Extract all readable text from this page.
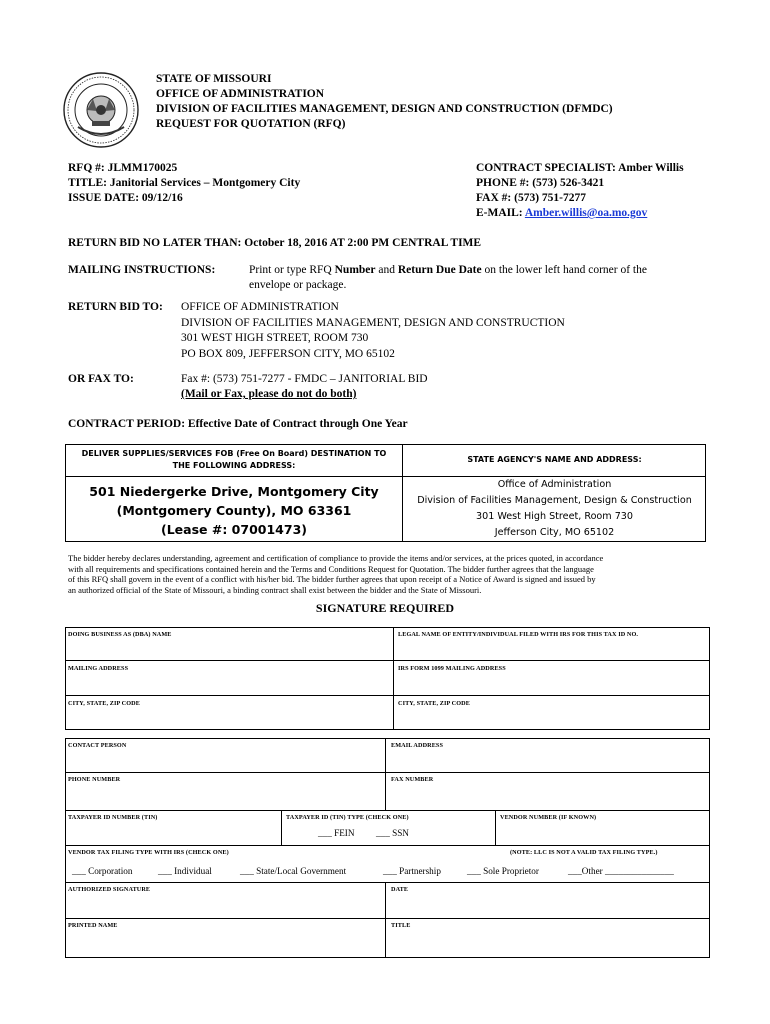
STATE OF MISSOURI
OFFICE OF ADMINISTRATION
DIVISION OF FACILITIES MANAGEMENT, DESIGN AND CONSTRUCTION (DFMDC)
REQUEST FOR QUOTATION (RFQ)
RFQ #: JLMM170025
TITLE: Janitorial Services – Montgomery City
ISSUE DATE: 09/12/16
CONTRACT SPECIALIST: Amber Willis
PHONE #: (573) 526-3421
FAX #: (573) 751-7277
E-MAIL: Amber.willis@oa.mo.gov
RETURN BID NO LATER THAN: October 18, 2016 AT 2:00 PM CENTRAL TIME
MAILING INSTRUCTIONS:	Print or type RFQ Number and Return Due Date on the lower left hand corner of the
envelope or package.
RETURN BID TO: OFFICE OF ADMINISTRATION
DIVISION OF FACILITIES MANAGEMENT, DESIGN AND CONSTRUCTION
301 WEST HIGH STREET, ROOM 730
PO BOX 809, JEFFERSON CITY, MO 65102
OR FAX TO:	Fax #: (573) 751-7277 - FMDC – JANITORIAL BID
(Mail or Fax, please do not do both)
CONTRACT PERIOD: Effective Date of Contract through One Year
DELIVER SUPPLIES/SERVICES FOB (Free On Board) DESTINATION TO
THE FOLLOWING ADDRESS:
STATE AGENCY'S NAME AND ADDRESS:
501 Niedergerke Drive, Montgomery City
(Montgomery County), MO 63361
(Lease #: 07001473)
Office of Administration
Division of Facilities Management, Design & Construction
301 West High Street, Room 730
Jefferson City, MO 65102
The bidder hereby declares understanding, agreement and certification of compliance to provide the items and/or services, at the prices quoted, in accordance
with all requirements and specifications contained herein and the Terms and Conditions Request for Quotation. The bidder further agrees that the language
of this RFQ shall govern in the event of a conflict with his/her bid. The bidder further agrees that upon receipt of a Notice of Award is signed and issued by
an authorized official of the State of Missouri, a binding contract shall exist between the bidder and the State of Missouri.
SIGNATURE REQUIRED
DOING BUSINESS AS (DBA) NAME	LEGAL NAME OF ENTITY/INDIVIDUAL FILED WITH IRS FOR THIS TAX ID NO.
MAILING ADDRESS	IRS FORM 1099 MAILING ADDRESS
CITY, STATE, ZIP CODE	CITY, STATE, ZIP CODE
CONTACT PERSON	EMAIL ADDRESS
PHONE NUMBER	FAX NUMBER
TAXPAYER ID NUMBER (TIN)	TAXPAYER ID (TIN) TYPE (CHECK ONE)	VENDOR NUMBER (IF KNOWN)
___ FEIN ___ SSN
VENDOR TAX FILING TYPE WITH IRS (CHECK ONE)	(NOTE: LLC IS NOT A VALID TAX FILING TYPE.)
___ Corporation	___ Individual	___ State/Local Government	___ Partnership	___ Sole Proprietor	___Other _______________
AUTHORIZED SIGNATURE	DATE
PRINTED NAME	TITLE
